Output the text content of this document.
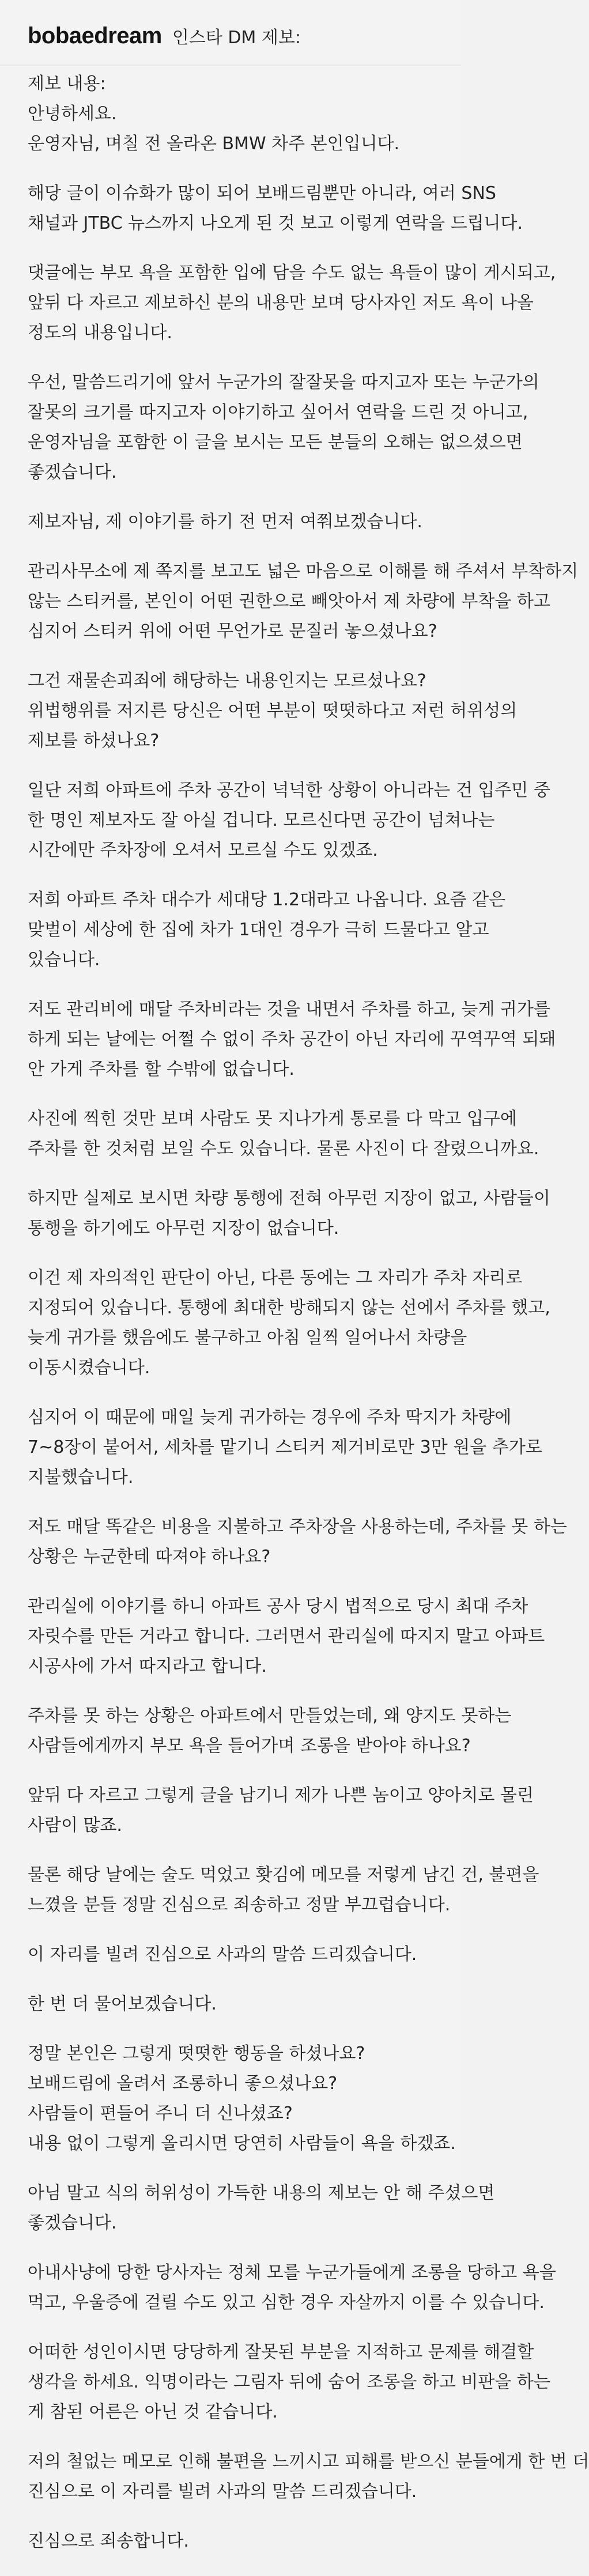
bobaedream 인스타 DM 제보:
제보 내용:
안녕하세요.
운영자님, 며칠 전 올라온 BMW 차주 본인입니다.
해당 글이 이슈화가 많이 되어 보배드림뿐만 아니라, 여러 SNS
채널과 JTBC 뉴스까지 나오게 된 것 보고 이렇게 연락을 드립니다.
댓글에는 부모 욕을 포함한 입에 담을 수도 없는 욕들이 많이 게시되고,
앞뒤 다 자르고 제보하신 분의 내용만 보며 당사자인 저도 욕이 나올
정도의 내용입니다.
우선, 말씀드리기에 앞서 누군가의 잘잘못을 따지고자 또는 누군가의
잘못의 크기를 따지고자 이야기하고 싶어서 연락을 드린 것 아니고,
운영자님을 포함한 이 글을 보시는 모든 분들의 오해는 없으셨으면
좋겠습니다.
제보자님, 제 이야기를 하기 전 먼저 여쭤보겠습니다.
관리사무소에 제 쪽지를 보고도 넓은 마음으로 이해를 해 주셔서 부착하지
않는 스티커를, 본인이 어떤 권한으로 빼앗아서 제 차량에 부착을 하고
심지어 스티커 위에 어떤 무언가로 문질러 놓으셨나요?
그건 재물손괴죄에 해당하는 내용인지는 모르셨나요?
위법행위를 저지른 당신은 어떤 부분이 떳떳하다고 저런 허위성의
제보를 하셨나요?
일단 저희 아파트에 주차 공간이 넉넉한 상황이 아니라는 건 입주민 중
한 명인 제보자도 잘 아실 겁니다. 모르신다면 공간이 넘쳐나는
시간에만 주차장에 오셔서 모르실 수도 있겠죠.
저희 아파트 주차 대수가 세대당 1.2대라고 나옵니다. 요즘 같은
맞벌이 세상에 한 집에 차가 1대인 경우가 극히 드물다고 알고
있습니다.
저도 관리비에 매달 주차비라는 것을 내면서 주차를 하고, 늦게 귀가를
하게 되는 날에는 어쩔 수 없이 주차 공간이 아닌 자리에 꾸역꾸역 되돼
안 가게 주차를 할 수밖에 없습니다.
사진에 찍힌 것만 보며 사람도 못 지나가게 통로를 다 막고 입구에
주차를 한 것처럼 보일 수도 있습니다. 물론 사진이 다 잘렸으니까요.
하지만 실제로 보시면 차량 통행에 전혀 아무런 지장이 없고, 사람들이
통행을 하기에도 아무런 지장이 없습니다.
이건 제 자의적인 판단이 아닌, 다른 동에는 그 자리가 주차 자리로
지정되어 있습니다. 통행에 최대한 방해되지 않는 선에서 주차를 했고,
늦게 귀가를 했음에도 불구하고 아침 일찍 일어나서 차량을
이동시켰습니다.
심지어 이 때문에 매일 늦게 귀가하는 경우에 주차 딱지가 차량에
7~8장이 붙어서, 세차를 맡기니 스티커 제거비로만 3만 원을 추가로
지불했습니다.
저도 매달 똑같은 비용을 지불하고 주차장을 사용하는데, 주차를 못 하는
상황은 누군한테 따져야 하나요?
관리실에 이야기를 하니 아파트 공사 당시 법적으로 당시 최대 주차
자릿수를 만든 거라고 합니다. 그러면서 관리실에 따지지 말고 아파트
시공사에 가서 따지라고 합니다.
주차를 못 하는 상황은 아파트에서 만들었는데, 왜 양지도 못하는
사람들에게까지 부모 욕을 들어가며 조롱을 받아야 하나요?
앞뒤 다 자르고 그렇게 글을 남기니 제가 나쁜 놈이고 양아치로 몰린
사람이 많죠.
물론 해당 날에는 술도 먹었고 홧김에 메모를 저렇게 남긴 건, 불편을
느꼈을 분들 정말 진심으로 죄송하고 정말 부끄럽습니다.
이 자리를 빌려 진심으로 사과의 말씀 드리겠습니다.
한 번 더 물어보겠습니다.
정말 본인은 그렇게 떳떳한 행동을 하셨나요?
보배드림에 올려서 조롱하니 좋으셨나요?
사람들이 편들어 주니 더 신나셨죠?
내용 없이 그렇게 올리시면 당연히 사람들이 욕을 하겠죠.
아님 말고 식의 허위성이 가득한 내용의 제보는 안 해 주셨으면
좋겠습니다.
아내사냥에 당한 당사자는 정체 모를 누군가들에게 조롱을 당하고 욕을
먹고, 우울증에 걸릴 수도 있고 심한 경우 자살까지 이를 수 있습니다.
어떠한 성인이시면 당당하게 잘못된 부분을 지적하고 문제를 해결할
생각을 하세요. 익명이라는 그림자 뒤에 숨어 조롱을 하고 비판을 하는
게 참된 어른은 아닌 것 같습니다.
저의 철없는 메모로 인해 불편을 느끼시고 피해를 받으신 분들에게 한 번 더
진심으로 이 자리를 빌려 사과의 말씀 드리겠습니다.
진심으로 죄송합니다.
